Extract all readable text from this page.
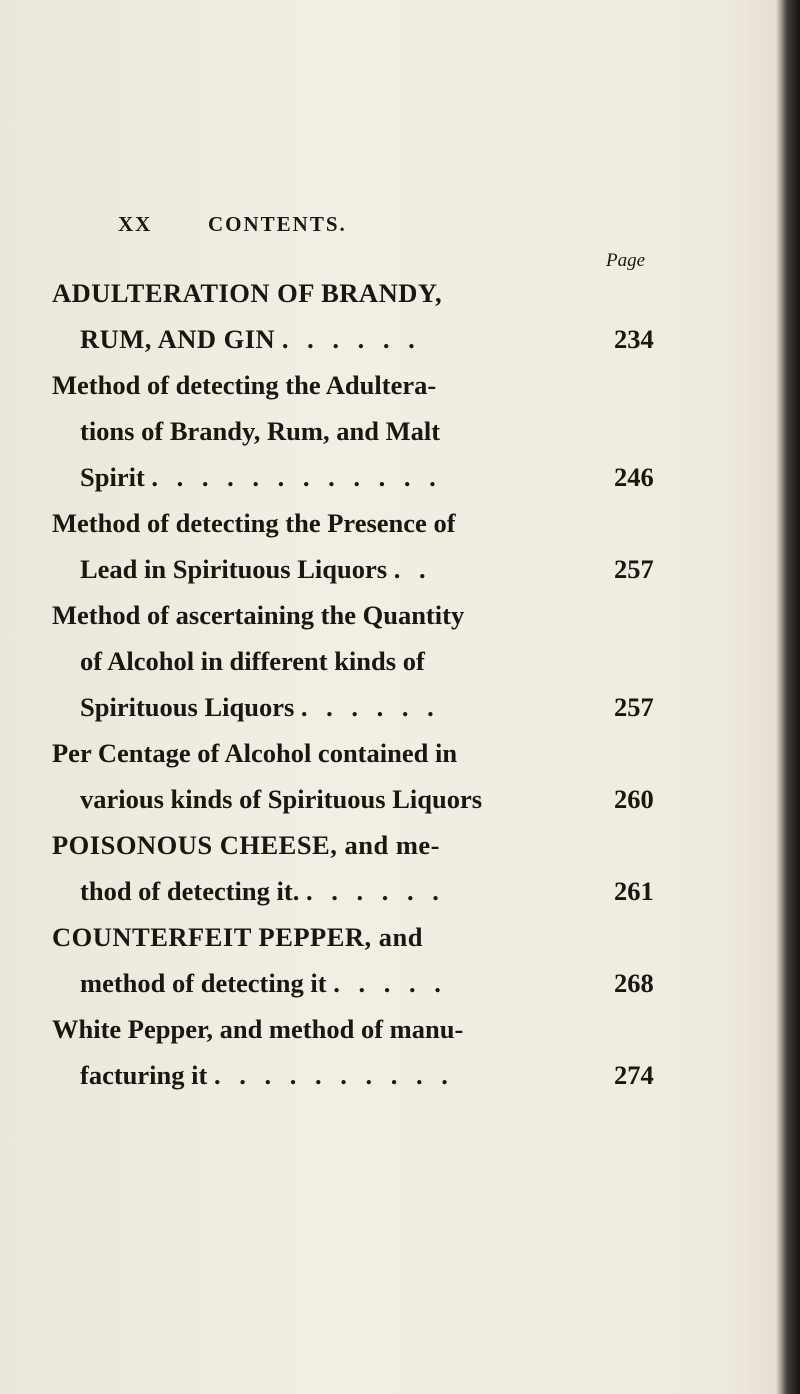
XX	CONTENTS.
Page
ADULTERATION OF BRANDY,
RUM, AND GIN . . . . . .	234
Method of detecting the Adultera-
tions of Brandy, Rum, and Malt
Spirit . . . . . . . . . . . .	246
Method of detecting the Presence of
Lead in Spirituous Liquors . .	257
Method of ascertaining the Quantity
of Alcohol in different kinds of
Spirituous Liquors . . . . . .	257
Per Centage of Alcohol contained in
various kinds of Spirituous Liquors	260
POISONOUS CHEESE, and me-
thod of detecting it. . . . . . .	261
COUNTERFEIT PEPPER, and
method of detecting it . . . . .	268
White Pepper, and method of manu-
facturing it . . . . . . . . . .	274
